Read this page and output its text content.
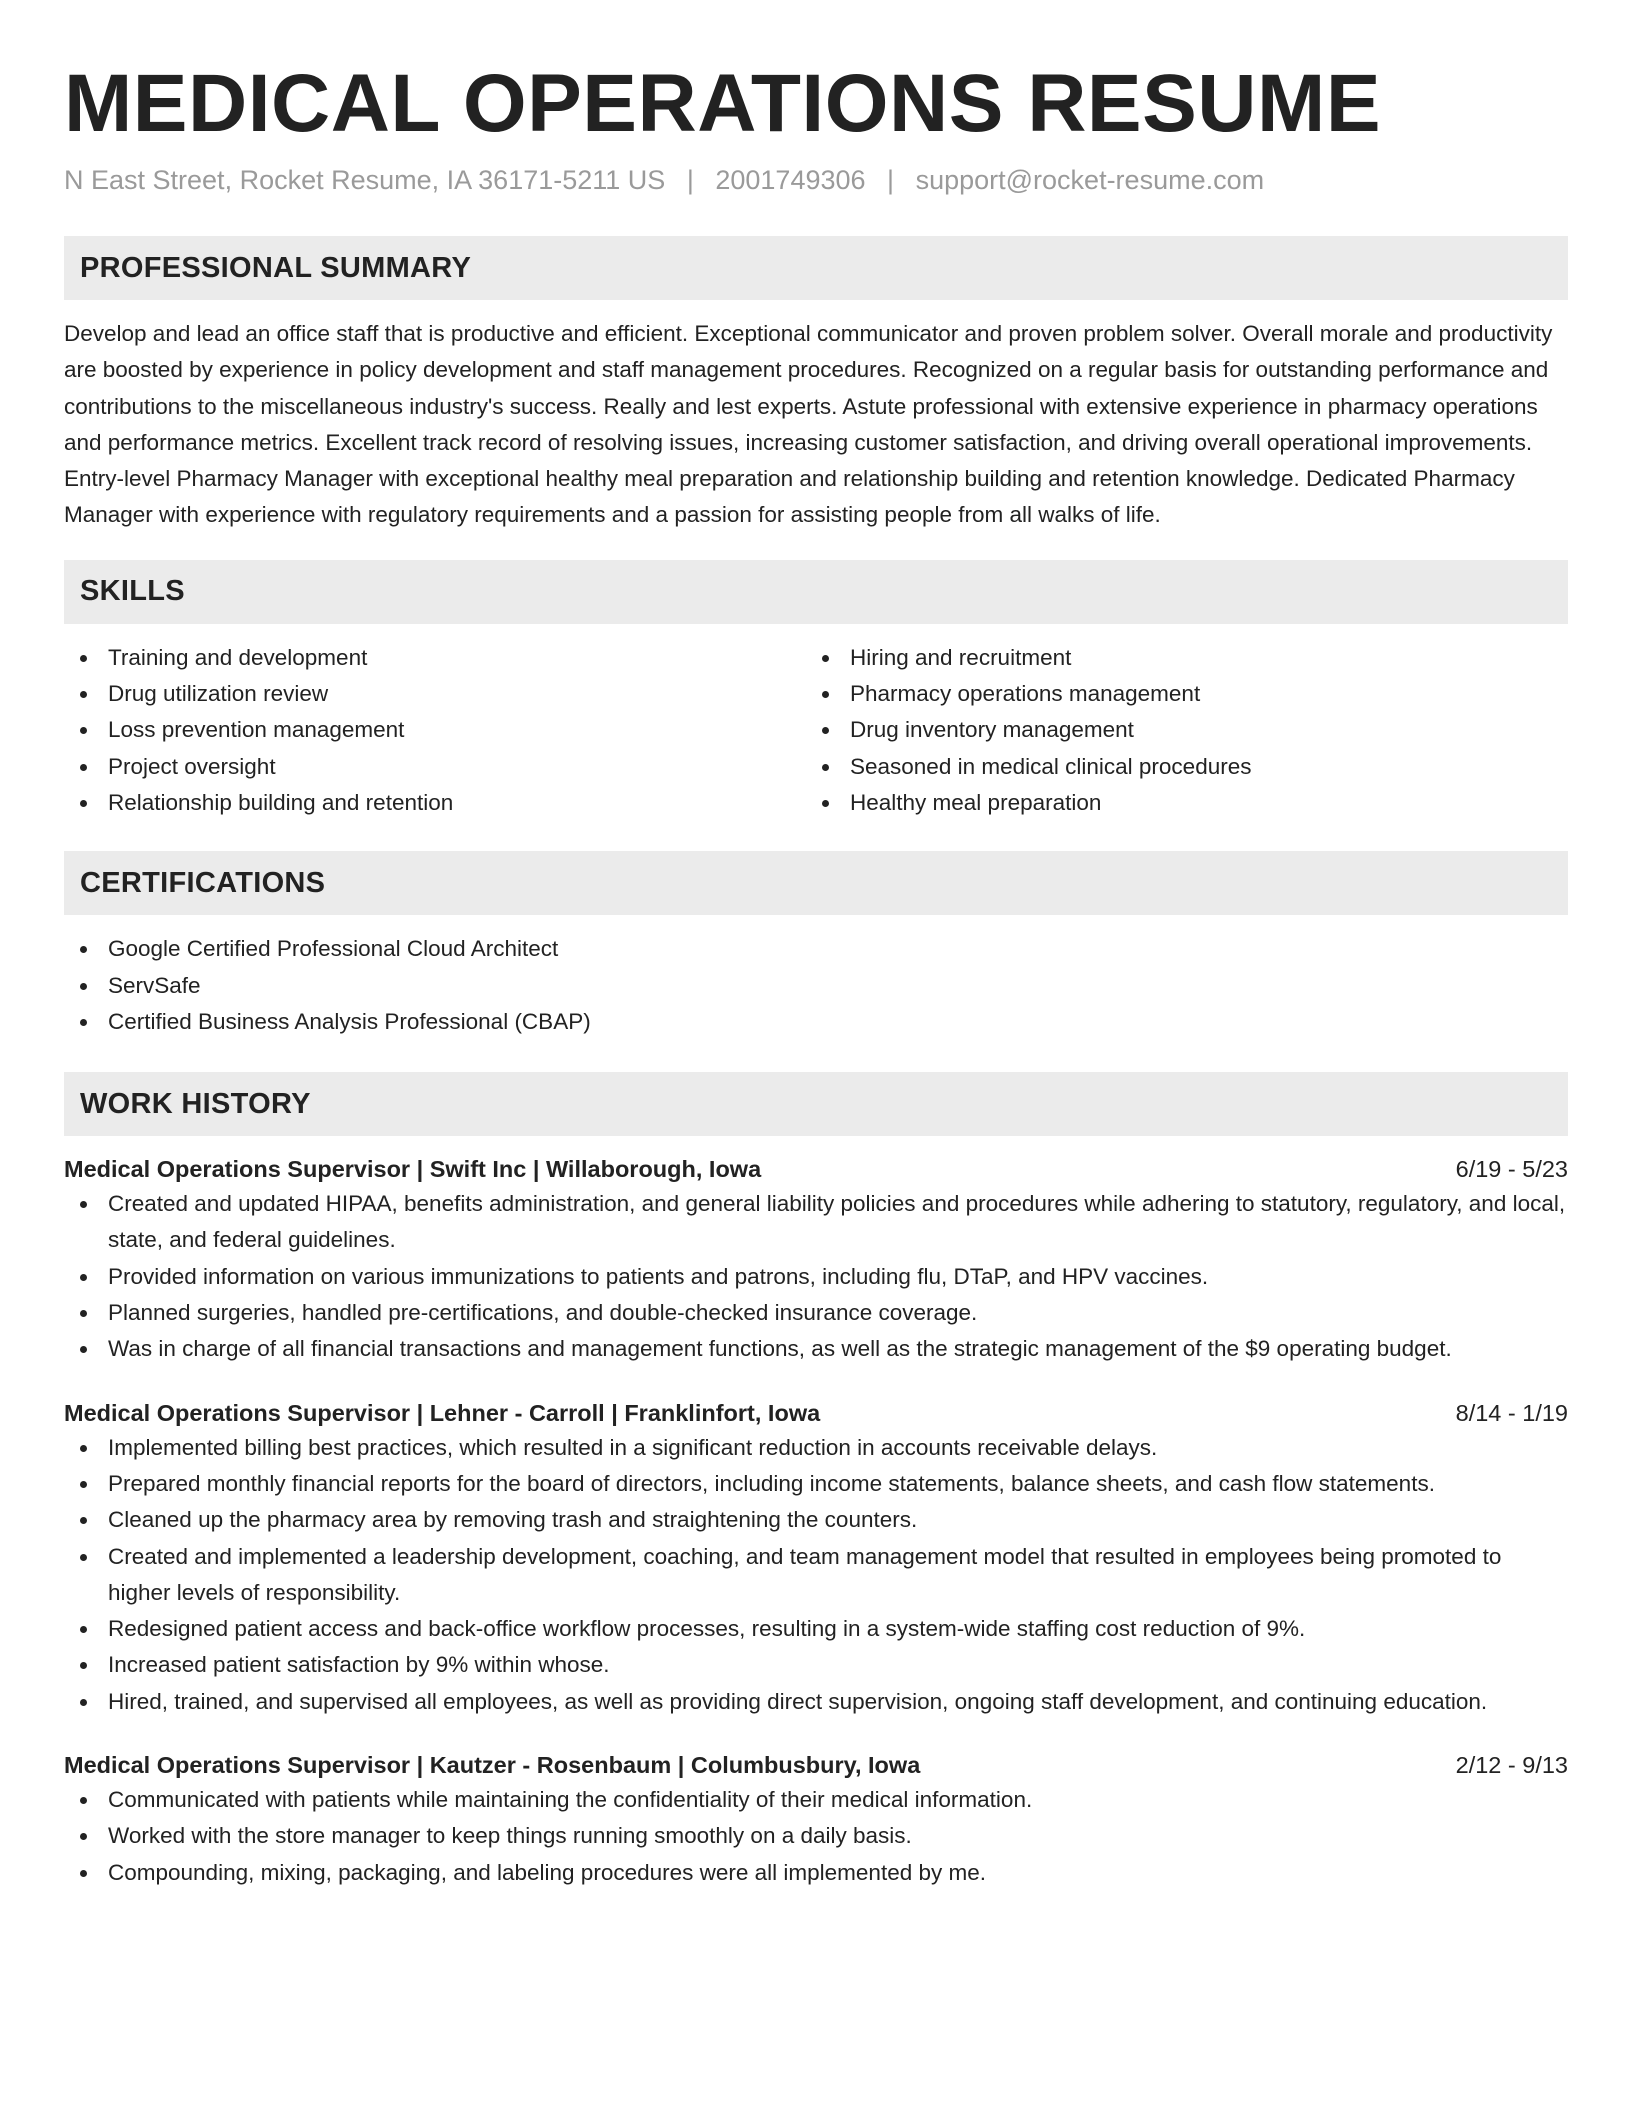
MEDICAL OPERATIONS RESUME
N East Street, Rocket Resume, IA 36171-5211 US | 2001749306 | support@rocket-resume.com
PROFESSIONAL SUMMARY

Develop and lead an office staff that is productive and efficient. Exceptional communicator and proven problem solver. Overall morale and productivity are boosted by experience in policy development and staff management procedures. Recognized on a regular basis for outstanding performance and contributions to the miscellaneous industry's success. Really and lest experts. Astute professional with extensive experience in pharmacy operations and performance metrics. Excellent track record of resolving issues, increasing customer satisfaction, and driving overall operational improvements. Entry-level Pharmacy Manager with exceptional healthy meal preparation and relationship building and retention knowledge. Dedicated Pharmacy Manager with experience with regulatory requirements and a passion for assisting people from all walks of life.

SKILLS
Training and development
Drug utilization review
Loss prevention management
Project oversight
Relationship building and retention
Hiring and recruitment
Pharmacy operations management
Drug inventory management
Seasoned in medical clinical procedures
Healthy meal preparation
CERTIFICATIONS
Google Certified Professional Cloud Architect
ServSafe
Certified Business Analysis Professional (CBAP)
WORK HISTORY
Medical Operations Supervisor | Swift Inc | Willaborough, Iowa	6/19 - 5/23
Created and updated HIPAA, benefits administration, and general liability policies and procedures while adhering to statutory, regulatory, and local, state, and federal guidelines.
Provided information on various immunizations to patients and patrons, including flu, DTaP, and HPV vaccines.
Planned surgeries, handled pre-certifications, and double-checked insurance coverage.
Was in charge of all financial transactions and management functions, as well as the strategic management of the $9 operating budget.
Medical Operations Supervisor | Lehner - Carroll | Franklinfort, Iowa	8/14 - 1/19
Implemented billing best practices, which resulted in a significant reduction in accounts receivable delays.
Prepared monthly financial reports for the board of directors, including income statements, balance sheets, and cash flow statements.
Cleaned up the pharmacy area by removing trash and straightening the counters.
Created and implemented a leadership development, coaching, and team management model that resulted in employees being promoted to higher levels of responsibility.
Redesigned patient access and back-office workflow processes, resulting in a system-wide staffing cost reduction of 9%.
Increased patient satisfaction by 9% within whose.
Hired, trained, and supervised all employees, as well as providing direct supervision, ongoing staff development, and continuing education.
Medical Operations Supervisor | Kautzer - Rosenbaum | Columbusbury, Iowa	2/12 - 9/13
Communicated with patients while maintaining the confidentiality of their medical information.
Worked with the store manager to keep things running smoothly on a daily basis.
Compounding, mixing, packaging, and labeling procedures were all implemented by me.
